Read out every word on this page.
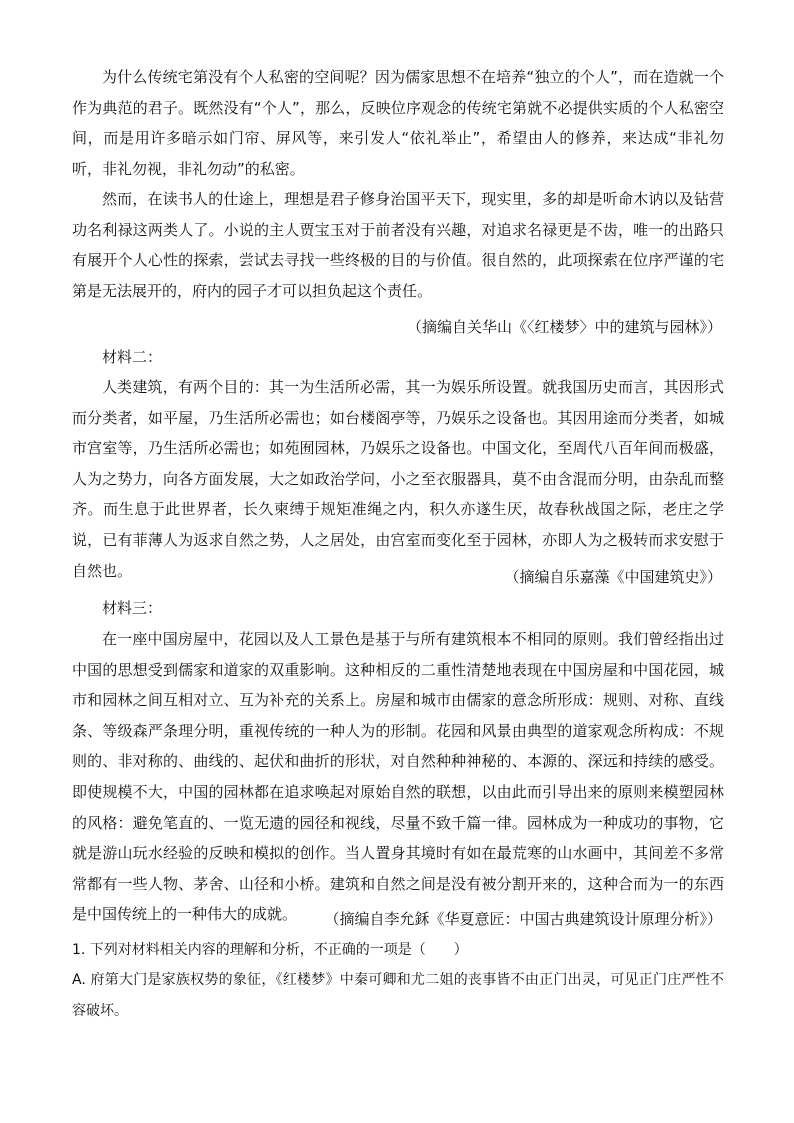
为什么传统宅第没有个人私密的空间呢？因为儒家思想不在培养“独立的个人”，而在造就一个作为典范的君子。既然没有“个人”，那么，反映位序观念的传统宅第就不必提供实质的个人私密空间，而是用许多暗示如门帘、屏风等，来引发人“依礼举止”，希望由人的修养，来达成“非礼勿听，非礼勿视，非礼勿动”的私密。

然而，在读书人的仕途上，理想是君子修身治国平天下，现实里，多的却是听命木讷以及钻营功名利禄这两类人了。小说的主人贾宝玉对于前者没有兴趣，对追求名禄更是不齿，唯一的出路只有展开个人心性的探索，尝试去寻找一些终极的目的与价值。很自然的，此项探索在位序严谨的宅第是无法展开的，府内的园子才可以担负起这个责任。

（摘编自关华山《〈红楼梦〉中的建筑与园林》）

材料二：

人类建筑，有两个目的：其一为生活所必需，其一为娱乐所设置。就我国历史而言，其因形式而分类者，如平屋，乃生活所必需也；如台楼阁亭等，乃娱乐之设备也。其因用途而分类者，如城市宫室等，乃生活所必需也；如苑囿园林，乃娱乐之设备也。中国文化，至周代八百年间而极盛，人为之势力，向各方面发展，大之如政治学问，小之至衣服器具，莫不由含混而分明，由杂乱而整齐。而生息于此世界者，长久柬缚于规矩准绳之内，积久亦遂生厌，故春秋战国之际，老庄之学说，已有菲薄人为返求自然之势，人之居处，由宫室而变化至于园林，亦即人为之极转而求安慰于自然也。	（摘编自乐嘉藻《中国建筑史》）

材料三：

在一座中国房屋中，花园以及人工景色是基于与所有建筑根本不相同的原则。我们曾经指出过中国的思想受到儒家和道家的双重影响。这种相反的二重性清楚地表现在中国房屋和中国花园，城市和园林之间互相对立、互为补充的关系上。房屋和城市由儒家的意念所形成：规则、对称、直线条、等级森严条理分明，重视传统的一种人为的形制。花园和风景由典型的道家观念所构成：不规则的、非对称的、曲线的、起伏和曲折的形状，对自然种种神秘的、本源的、深远和持续的感受。即使规模不大，中国的园林都在追求唤起对原始自然的联想，以由此而引导出来的原则来模塑园林的风格：避免笔直的、一览无遗的园径和视线，尽量不致千篇一律。园林成为一种成功的事物，它就是游山玩水经验的反映和模拟的创作。当人置身其境时有如在最荒寒的山水画中，其间差不多常常都有一些人物、茅舍、山径和小桥。建筑和自然之间是没有被分割开来的，这种合而为一的东西是中国传统上的一种伟大的成就。	（摘编自李允鉌《华夏意匠：中国古典建筑设计原理分析》）

1. 下列对材料相关内容的理解和分析，不正确的一项是（　　）

A. 府第大门是家族权势的象征，《红楼梦》中秦可卿和尤二姐的丧事皆不由正门出灵，可见正门庄严性不容破坏。
